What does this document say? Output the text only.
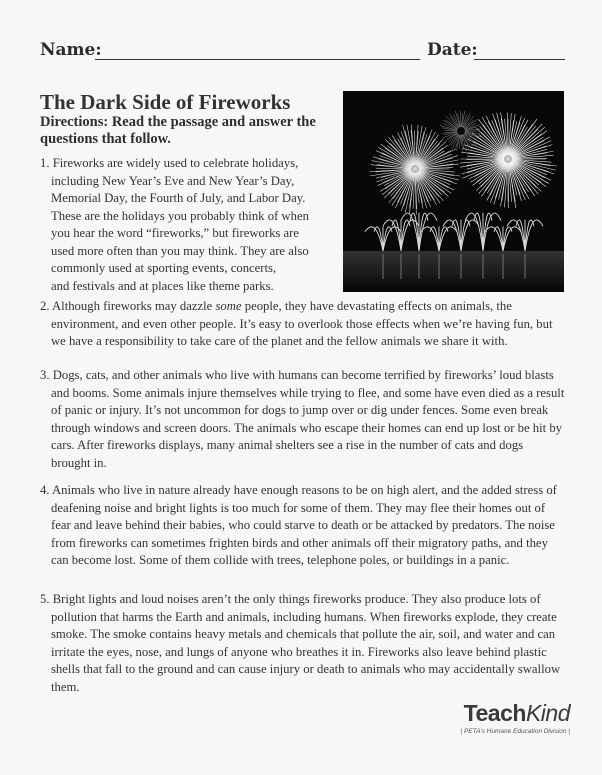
Name:	Date:
The Dark Side of Fireworks
Directions: Read the passage and answer the questions that follow.
1. Fireworks are widely used to celebrate holidays,
including New Year’s Eve and New Year’s Day,
Memorial Day, the Fourth of July, and Labor Day.
These are the holidays you probably think of when
you hear the word “fireworks,” but fireworks are
used more often than you may think. They are also
commonly used at sporting events, concerts,
and festivals and at places like theme parks.
2. Although fireworks may dazzle some people, they have devastating effects on animals, the environment, and even other people. It’s easy to overlook those effects when we’re having fun, but we have a responsibility to take care of the planet and the fellow animals we share it with.
3. Dogs, cats, and other animals who live with humans can become terrified by fireworks’ loud blasts and booms. Some animals injure themselves while trying to flee, and some have even died as a result of panic or injury. It’s not uncommon for dogs to jump over or dig under fences. Some even break through windows and screen doors. The animals who escape their homes can end up lost or be hit by cars. After fireworks displays, many animal shelters see a rise in the number of cats and dogs brought in.
4. Animals who live in nature already have enough reasons to be on high alert, and the added stress of deafening noise and bright lights is too much for some of them. They may flee their homes out of fear and leave behind their babies, who could starve to death or be attacked by predators. The noise from fireworks can sometimes frighten birds and other animals off their migratory paths, and they can become lost. Some of them collide with trees, telephone poles, or buildings in a panic.
5. Bright lights and loud noises aren’t the only things fireworks produce. They also produce lots of pollution that harms the Earth and animals, including humans. When fireworks explode, they create smoke. The smoke contains heavy metals and chemicals that pollute the air, soil, and water and can irritate the eyes, nose, and lungs of anyone who breathes it in. Fireworks also leave behind plastic shells that fall to the ground and can cause injury or death to animals who may accidentally swallow them.
TeachKind
| PETA’s Humane Education Division |
